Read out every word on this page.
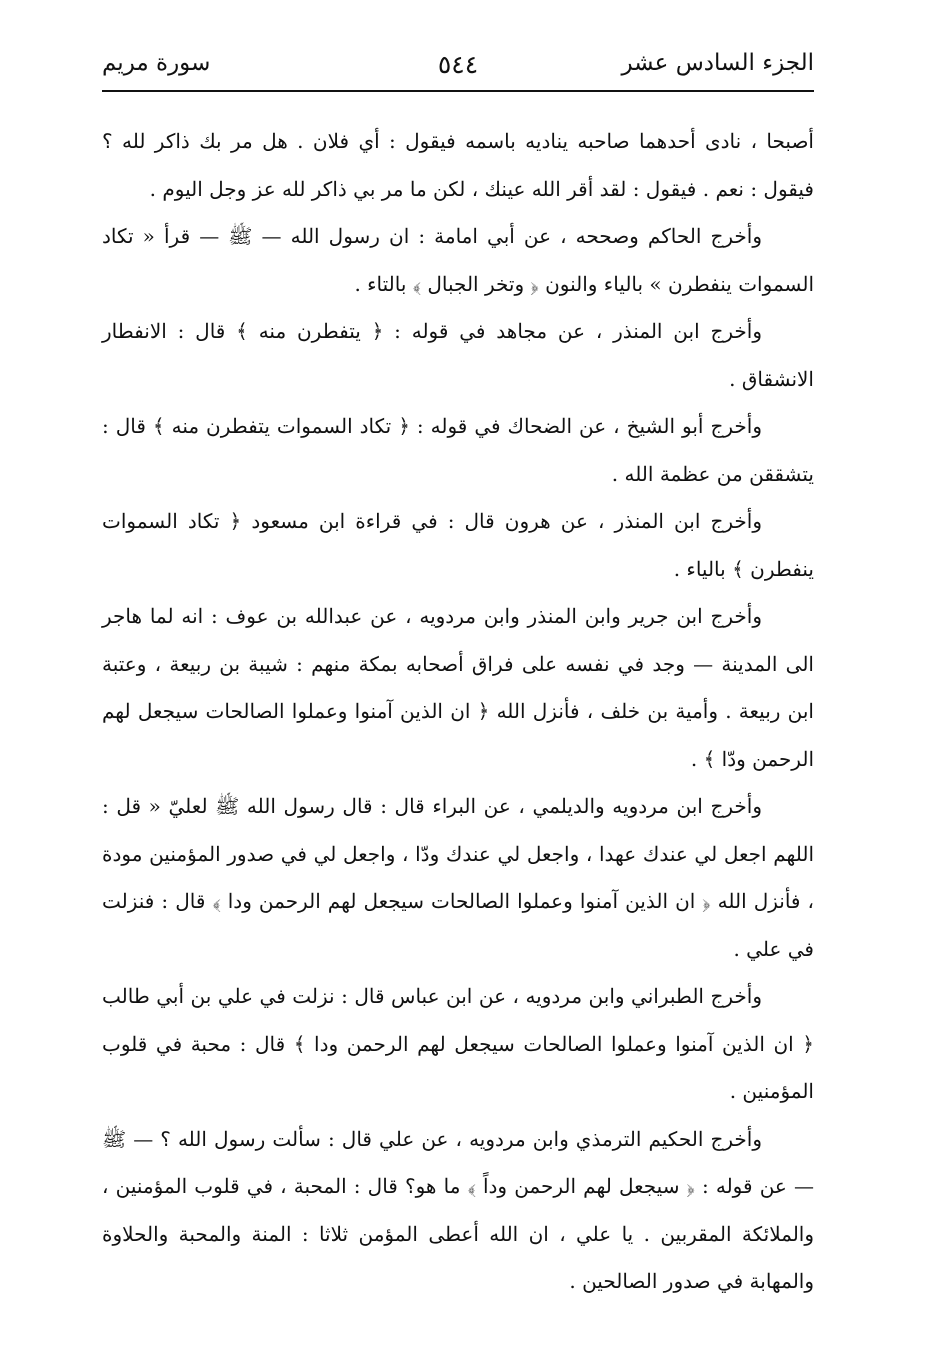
الجزء السادس عشر
٥٤٤
سورة مريم

أصبحا ، نادى أحدهما صاحبه يناديه باسمه فيقول : أي فلان . هل مر بك ذاكر لله ؟ فيقول : نعم . فيقول : لقد أقر الله عينك ، لكن ما مر بي ذاكر لله عز وجل اليوم .

وأخرج الحاكم وصححه ، عن أبي امامة : ان رسول الله — ﷺ — قرأ « تكاد السموات ينفطرن » بالياء والنون ﴿ وتخر الجبال ﴾ بالتاء .

وأخرج ابن المنذر ، عن مجاهد في قوله : ﴿ يتفطرن منه ﴾ قال : الانفطار الانشقاق .

وأخرج أبو الشيخ ، عن الضحاك في قوله : ﴿ تكاد السموات يتفطرن منه ﴾ قال : يتشققن من عظمة الله .

وأخرج ابن المنذر ، عن هرون قال : في قراءة ابن مسعود ﴿ تكاد السموات ينفطرن ﴾ بالياء .

وأخرج ابن جرير وابن المنذر وابن مردويه ، عن عبدالله بن عوف : انه لما هاجر الى المدينة — وجد في نفسه على فراق أصحابه بمكة منهم : شيبة بن ربيعة ، وعتبة ابن ربيعة . وأمية بن خلف ، فأنزل الله ﴿ ان الذين آمنوا وعملوا الصالحات سيجعل لهم الرحمن ودّا ﴾ .

وأخرج ابن مردويه والديلمي ، عن البراء قال : قال رسول الله ﷺ لعليّ « قل : اللهم اجعل لي عندك عهدا ، واجعل لي عندك ودّا ، واجعل لي في صدور المؤمنين مودة ، فأنزل الله ﴿ ان الذين آمنوا وعملوا الصالحات سيجعل لهم الرحمن ودا ﴾ قال : فنزلت في علي .

وأخرج الطبراني وابن مردويه ، عن ابن عباس قال : نزلت في علي بن أبي طالب ﴿ ان الذين آمنوا وعملوا الصالحات سيجعل لهم الرحمن ودا ﴾ قال : محبة في قلوب المؤمنين .

وأخرج الحكيم الترمذي وابن مردويه ، عن علي قال : سألت رسول الله ؟ — ﷺ — عن قوله : ﴿ سيجعل لهم الرحمن وداً ﴾ ما هو؟ قال : المحبة ، في قلوب المؤمنين ، والملائكة المقربين . يا علي ، ان الله أعطى المؤمن ثلاثا : المنة والمحبة والحلاوة والمهابة في صدور الصالحين .
